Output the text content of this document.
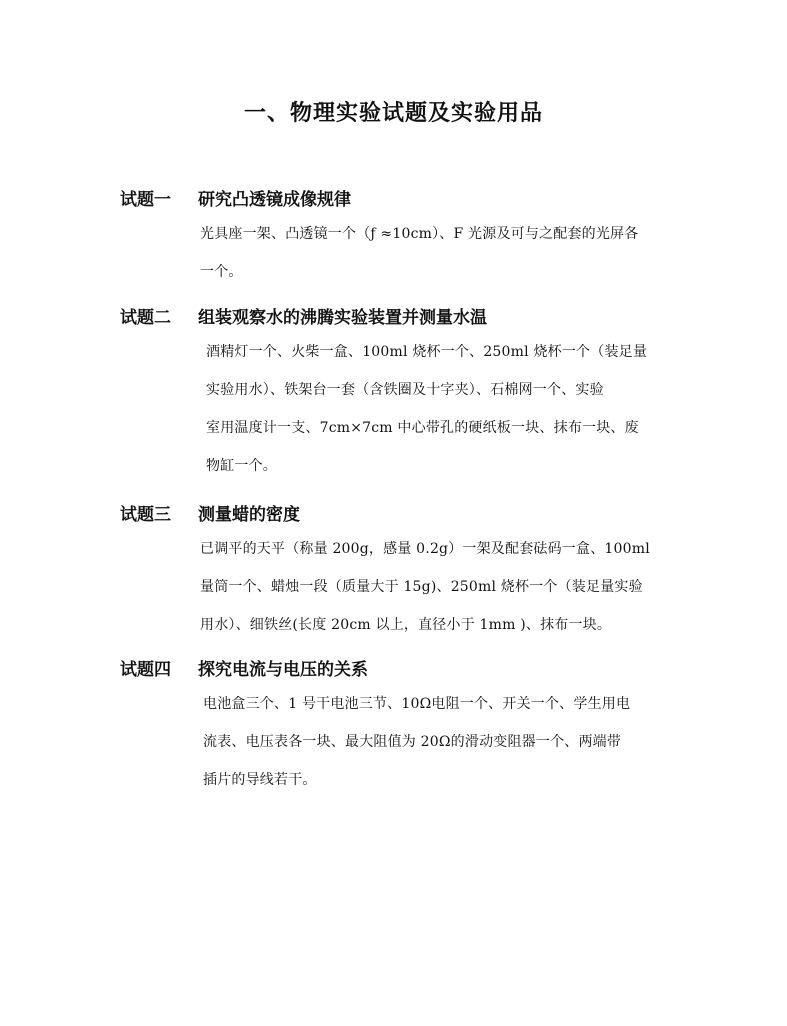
一、物理实验试题及实验用品
试题一 研究凸透镜成像规律
光具座一架、凸透镜一个（ƒ ≈10cm）、F 光源及可与之配套的光屏各
一个。
试题二 组装观察水的沸腾实验装置并测量水温
酒精灯一个、火柴一盒、100ml 烧杯一个、250ml 烧杯一个（装足量
实验用水）、铁架台一套（含铁圈及十字夹）、石棉网一个、实验
室用温度计一支、7cm×7cm 中心带孔的硬纸板一块、抹布一块、废
物缸一个。
试题三 测量蜡的密度
已调平的天平（称量 200g，感量 0.2g）一架及配套砝码一盒、100ml
量筒一个、蜡烛一段（质量大于 15g)、250ml 烧杯一个（装足量实验
用水）、细铁丝(长度 20cm 以上，直径小于 1mm )、抹布一块。
试题四 探究电流与电压的关系
电池盒三个、1 号干电池三节、10Ω电阻一个、开关一个、学生用电
流表、电压表各一块、最大阻值为 20Ω的滑动变阻器一个、两端带
插片的导线若干。
